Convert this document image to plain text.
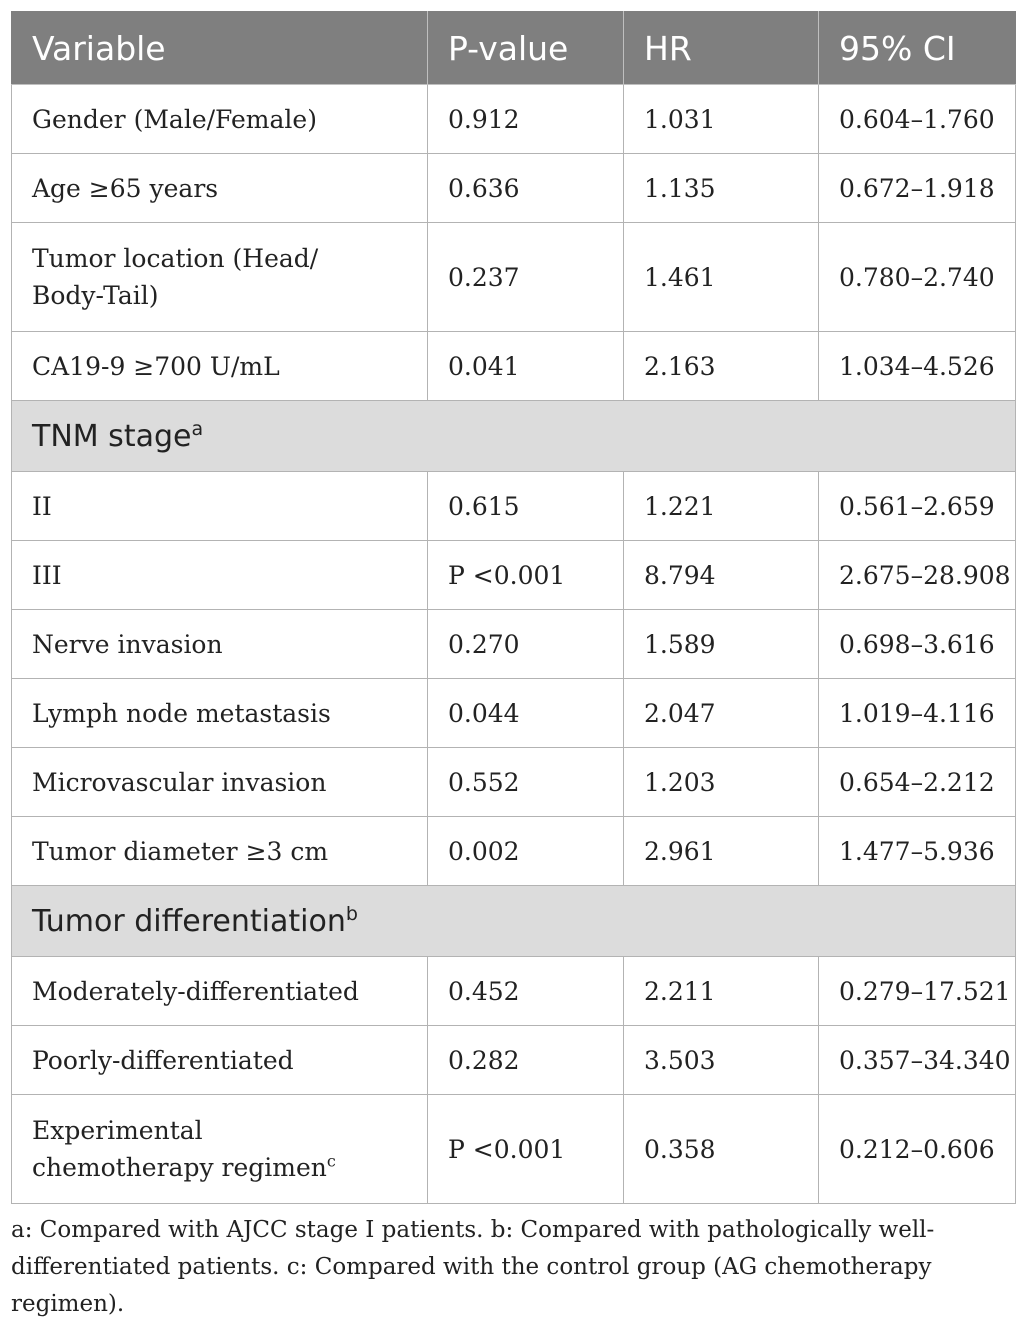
Variable	P-value	HR	95% CI
Gender (Male/Female)	0.912	1.031	0.604–1.760
Age ≥65 years	0.636	1.135	0.672–1.918
Tumor location (Head/
Body-Tail)	0.237	1.461	0.780–2.740
CA19-9 ≥700 U/mL	0.041	2.163	1.034–4.526
TNM stage$^a$
II	0.615	1.221	0.561–2.659
III	P <0.001	8.794	2.675–28.908
Nerve invasion	0.270	1.589	0.698–3.616
Lymph node metastasis	0.044	2.047	1.019–4.116
Microvascular invasion	0.552	1.203	0.654–2.212
Tumor diameter ≥3 cm	0.002	2.961	1.477–5.936
Tumor differentiation$^b$
Moderately-differentiated	0.452	2.211	0.279–17.521
Poorly-differentiated	0.282	3.503	0.357–34.340
Experimental
chemotherapy regimen$^c$	P <0.001	0.358	0.212–0.606
a: Compared with AJCC stage I patients. b: Compared with pathologically well-differentiated patients. c: Compared with the control group (AG chemotherapy regimen).
